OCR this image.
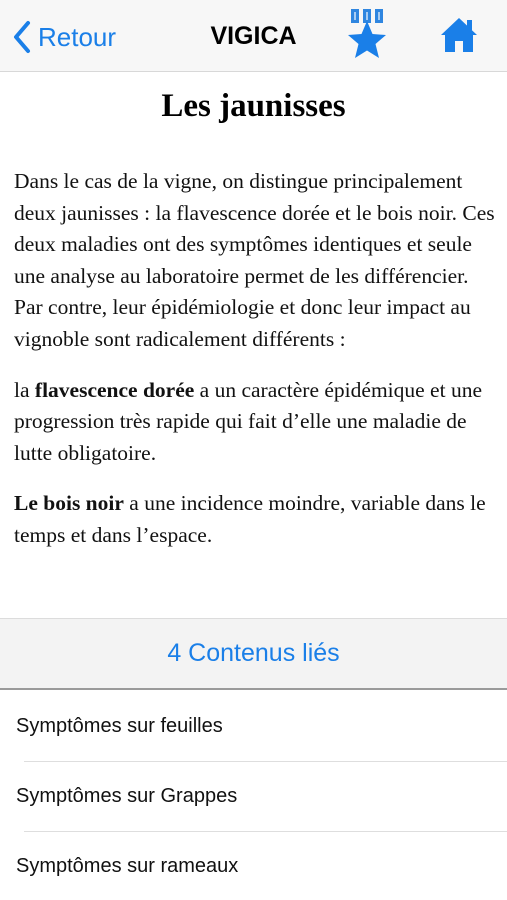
Retour	VIGICA
Les jaunisses

Dans le cas de la vigne, on distingue principalement deux jaunisses : la flavescence dorée et le bois noir. Ces deux maladies ont des symptômes identiques et seule une analyse au laboratoire permet de les différencier. Par contre, leur épidémiologie et donc leur impact au vignoble sont radicalement différents :

la flavescence dorée a un caractère épidémique et une progression très rapide qui fait d’elle une maladie de lutte obligatoire.

Le bois noir a une incidence moindre, variable dans le temps et dans l’espace.

4 Contenus liés
Symptômes sur feuilles
Symptômes sur Grappes
Symptômes sur rameaux
